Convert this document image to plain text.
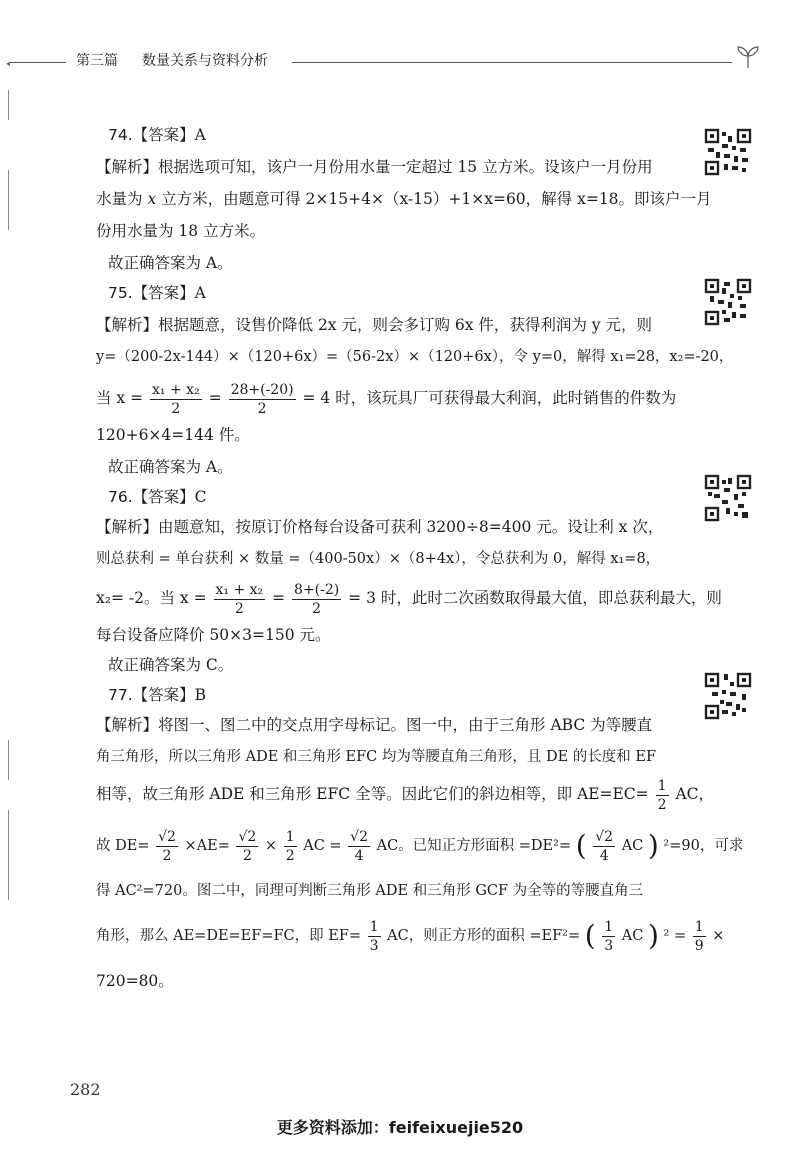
◂	第三篇 数量关系与资料分析
74.【答案】A
【解析】根据选项可知，该户一月份用水量一定超过 15 立方米。设该户一月份用
水量为 x 立方米，由题意可得 2×15+4×（x-15）+1×x=60，解得 x=18。即该户一月
份用水量为 18 立方米。
故正确答案为 A。
75.【答案】A
【解析】根据题意，设售价降低 2x 元，则会多订购 6x 件，获得利润为 y 元，则
y=（200-2x-144）×（120+6x）=（56-2x）×（120+6x），令 y=0，解得 x₁=28，x₂=-20，
当 $x = \frac{\text{x₁ + x₂}}{2} = \frac{28+(-20)}{2} = 4$ 时，该玩具厂可获得最大利润，此时销售的件数为
120+6×4=144 件。
故正确答案为 A。
76.【答案】C
【解析】由题意知，按原订价格每台设备可获利 3200÷8=400 元。设让利 x 次，
则总获利 = 单台获利 × 数量 =（400-50x）×（8+4x），令总获利为 0，解得 x₁=8，
x₂= -2。当 $x = \frac{\text{x₁ + x₂}}{2} = \frac{8+(-2)}{2} = 3$ 时，此时二次函数取得最大值，即总获利最大，则
每台设备应降价 50×3=150 元。
故正确答案为 C。
77.【答案】B
【解析】将图一、图二中的交点用字母标记。图一中，由于三角形 ABC 为等腰直
角三角形，所以三角形 ADE 和三角形 EFC 均为等腰直角三角形，且 DE 的长度和 EF
相等，故三角形 ADE 和三角形 EFC 全等。因此它们的斜边相等，即 $AE=EC= \frac{1}{2}$ AC，
故 $DE= \frac{√2}{2} \times AE= \frac{√2}{2} \times \frac{1}{2}$ AC = $\frac{√2}{4}$ AC。已知正方形面积 =DE²= ( $\frac{√2}{4}$ AC ) ²=90，可求
得 AC²=720。图二中，同理可判断三角形 ADE 和三角形 GCF 为全等的等腰直角三
角形，那么 AE=DE=EF=FC，即 $EF= \frac{1}{3}$ AC，则正方形的面积 =EF²= ( $\frac{1}{3}$ AC ) $^2 = \frac{1}{9}$ ×
720=80。
282
更多资料添加：feifeixuejie520
